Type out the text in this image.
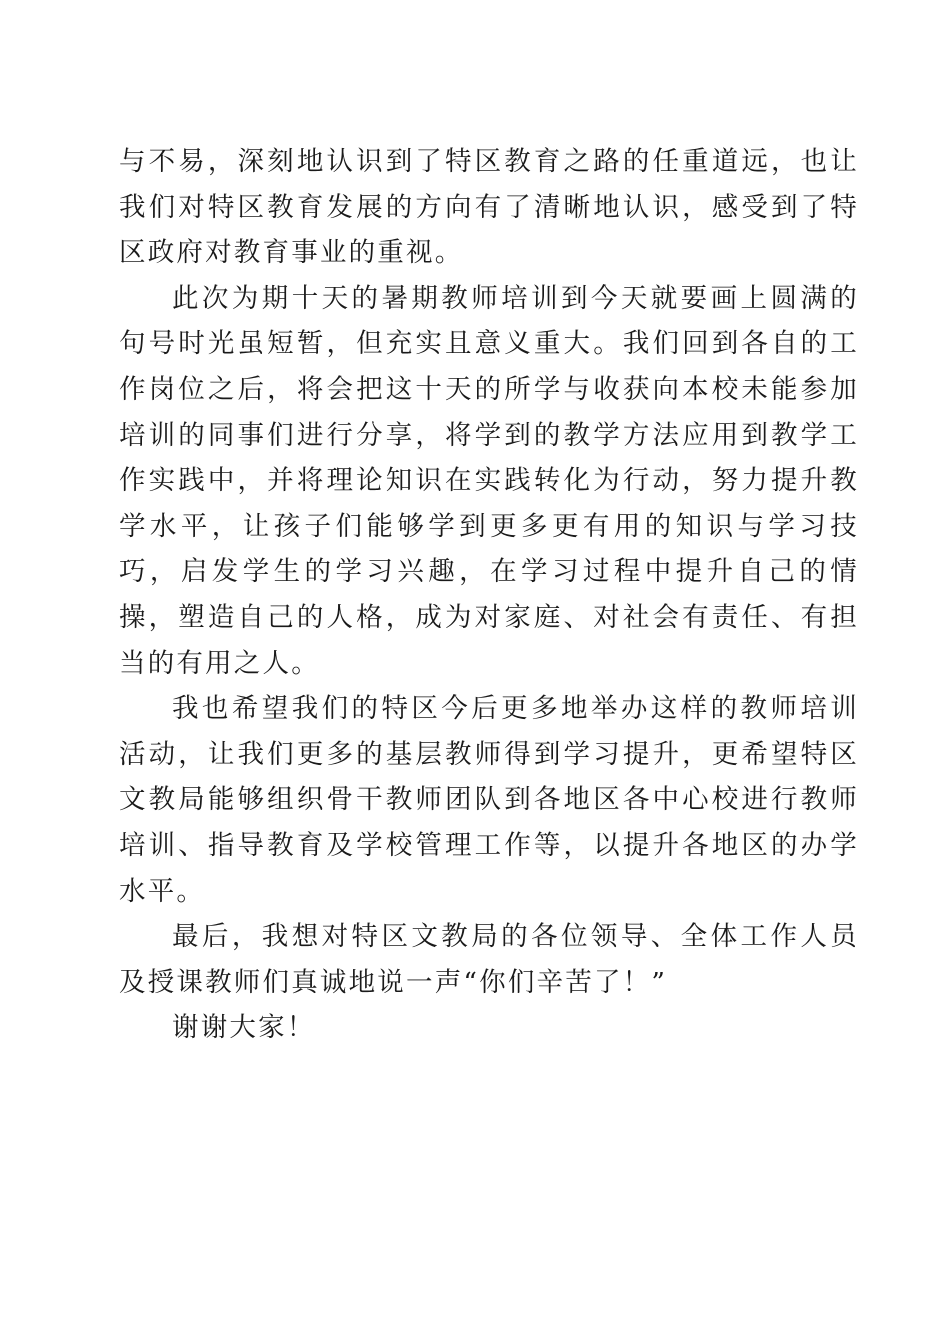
与不易，深刻地认识到了特区教育之路的任重道远，也让我们对特区教育发展的方向有了清晰地认识，感受到了特区政府对教育事业的重视。

此次为期十天的暑期教师培训到今天就要画上圆满的句号时光虽短暂，但充实且意义重大。我们回到各自的工作岗位之后，将会把这十天的所学与收获向本校未能参加培训的同事们进行分享，将学到的教学方法应用到教学工作实践中，并将理论知识在实践转化为行动，努力提升教学水平，让孩子们能够学到更多更有用的知识与学习技巧，启发学生的学习兴趣，在学习过程中提升自己的情操，塑造自己的人格，成为对家庭、对社会有责任、有担当的有用之人。

我也希望我们的特区今后更多地举办这样的教师培训活动，让我们更多的基层教师得到学习提升，更希望特区文教局能够组织骨干教师团队到各地区各中心校进行教师培训、指导教育及学校管理工作等，以提升各地区的办学水平。

最后，我想对特区文教局的各位领导、全体工作人员及授课教师们真诚地说一声“你们辛苦了！”

谢谢大家！
